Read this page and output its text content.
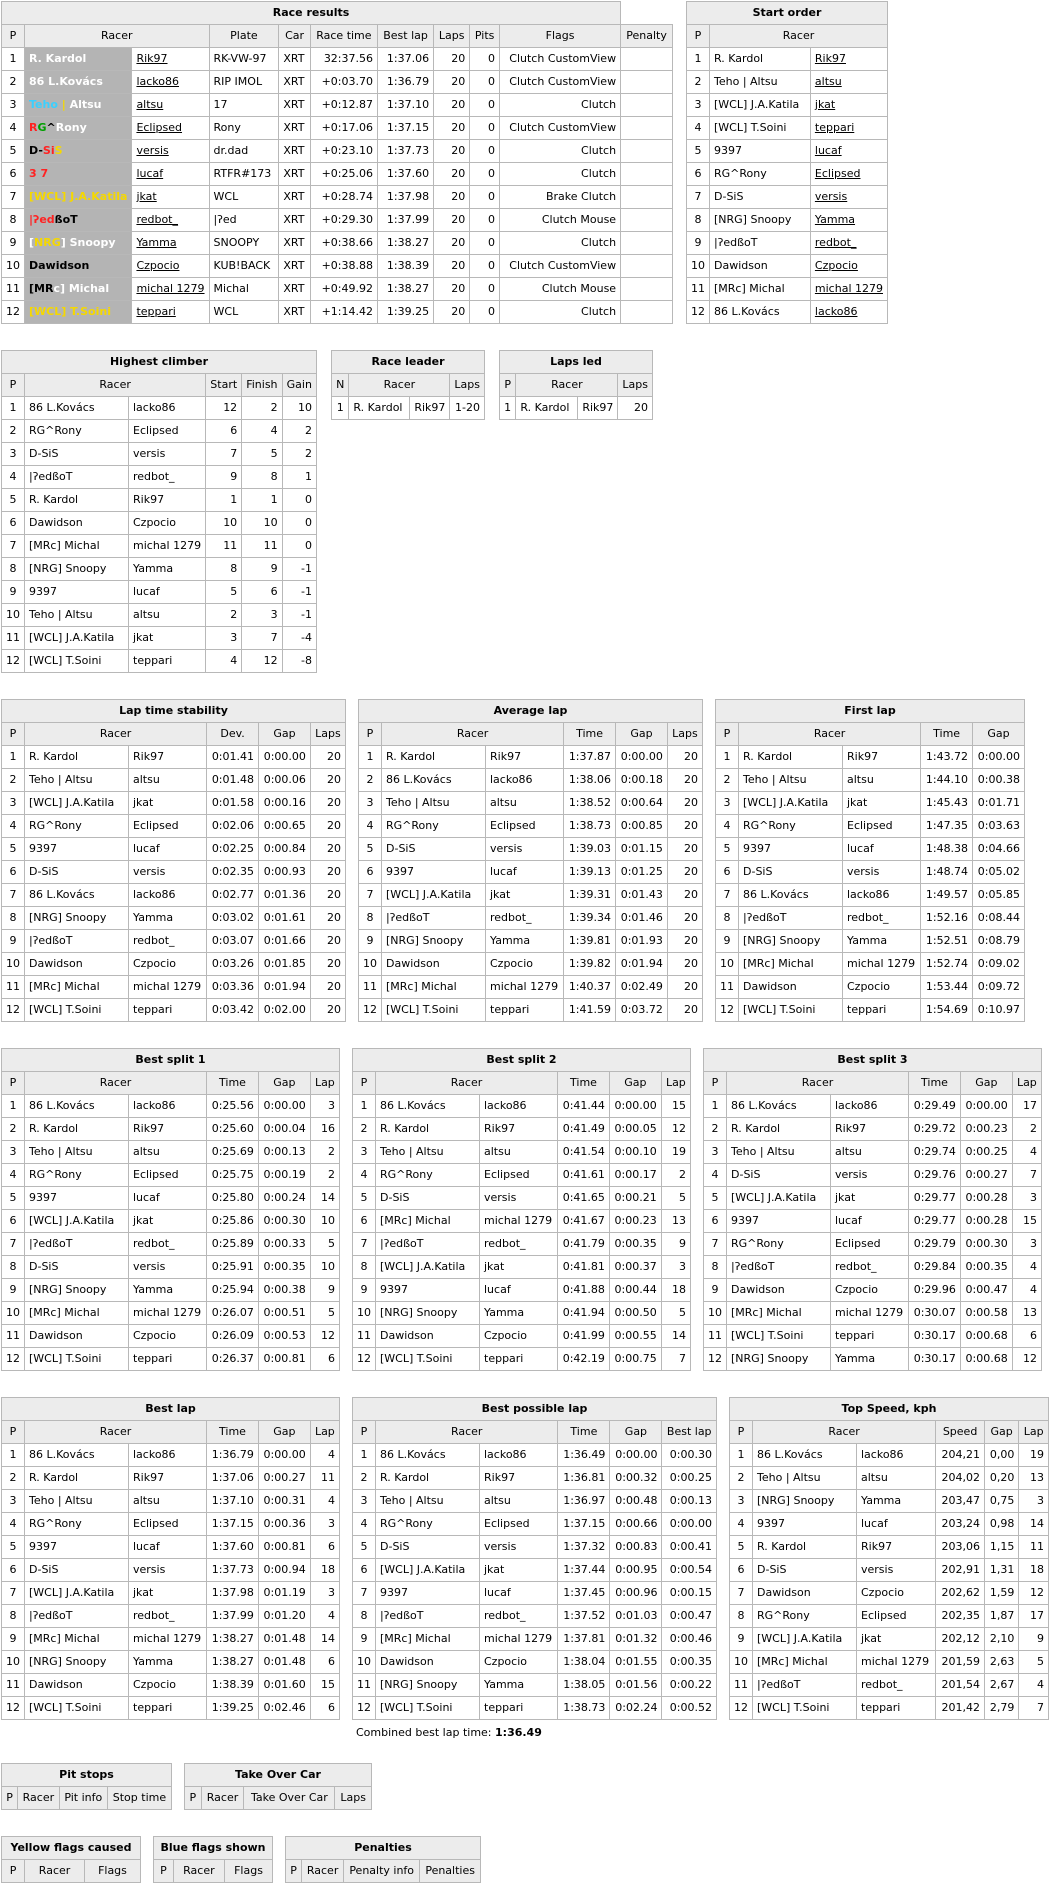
Race results										
P	Racer		Plate	Car	Race time	Best lap	Laps	Pits	Flags	Penalty
1	R. Kardol	Rik97	RK-VW-97	XRT	32:37.56	1:37.06	20	0	Clutch CustomView	
2	86 L.Kovács	lacko86	RIP IMOL	XRT	+0:03.70	1:36.79	20	0	Clutch CustomView	
3	Teho | Altsu	altsu	17	XRT	+0:12.87	1:37.10	20	0	Clutch	
4	RG^Rony	Eclipsed	Rony	XRT	+0:17.06	1:37.15	20	0	Clutch CustomView	
5	D-SiS	versis	dr.dad	XRT	+0:23.10	1:37.73	20	0	Clutch	
6	3 7	lucaf	RTFR#173	XRT	+0:25.06	1:37.60	20	0	Clutch	
7	[WCL] J.A.Katila	jkat	WCL	XRT	+0:28.74	1:37.98	20	0	Brake Clutch	
8	|ʔedßoT	redbot_	|ʔed	XRT	+0:29.30	1:37.99	20	0	Clutch Mouse	
9	[NRG] Snoopy	Yamma	SNOOPY	XRT	+0:38.66	1:38.27	20	0	Clutch	
10	Dawidson	Czpocio	KUB!BACK	XRT	+0:38.88	1:38.39	20	0	Clutch CustomView	
11	[MRc] Michal	michal 1279	Michal	XRT	+0:49.92	1:38.27	20	0	Clutch Mouse	
12	[WCL] T.Soini	teppari	WCL	XRT	+1:14.42	1:39.25	20	0	Clutch	
Start order		
P	Racer	
1	R. Kardol	Rik97
2	Teho | Altsu	altsu
3	[WCL] J.A.Katila	jkat
4	[WCL] T.Soini	teppari
5	9397	lucaf
6	RG^Rony	Eclipsed
7	D-SiS	versis
8	[NRG] Snoopy	Yamma
9	|ʔedßoT	redbot_
10	Dawidson	Czpocio
11	[MRc] Michal	michal 1279
12	86 L.Kovács	lacko86
Highest climber					
P	Racer		Start	Finish	Gain
1	86 L.Kovács	lacko86	12	2	10
2	RG^Rony	Eclipsed	6	4	2
3	D-SiS	versis	7	5	2
4	|ʔedßoT	redbot_	9	8	1
5	R. Kardol	Rik97	1	1	0
6	Dawidson	Czpocio	10	10	0
7	[MRc] Michal	michal 1279	11	11	0
8	[NRG] Snoopy	Yamma	8	9	-1
9	9397	lucaf	5	6	-1
10	Teho | Altsu	altsu	2	3	-1
11	[WCL] J.A.Katila	jkat	3	7	-4
12	[WCL] T.Soini	teppari	4	12	-8
Race leader			
N	Racer		Laps
1	R. Kardol	Rik97	1-20
Laps led			
P	Racer		Laps
1	R. Kardol	Rik97	20
Lap time stability					
P	Racer		Dev.	Gap	Laps
1	R. Kardol	Rik97	0:01.41	0:00.00	20
2	Teho | Altsu	altsu	0:01.48	0:00.06	20
3	[WCL] J.A.Katila	jkat	0:01.58	0:00.16	20
4	RG^Rony	Eclipsed	0:02.06	0:00.65	20
5	9397	lucaf	0:02.25	0:00.84	20
6	D-SiS	versis	0:02.35	0:00.93	20
7	86 L.Kovács	lacko86	0:02.77	0:01.36	20
8	[NRG] Snoopy	Yamma	0:03.02	0:01.61	20
9	|ʔedßoT	redbot_	0:03.07	0:01.66	20
10	Dawidson	Czpocio	0:03.26	0:01.85	20
11	[MRc] Michal	michal 1279	0:03.36	0:01.94	20
12	[WCL] T.Soini	teppari	0:03.42	0:02.00	20
Average lap					
P	Racer		Time	Gap	Laps
1	R. Kardol	Rik97	1:37.87	0:00.00	20
2	86 L.Kovács	lacko86	1:38.06	0:00.18	20
3	Teho | Altsu	altsu	1:38.52	0:00.64	20
4	RG^Rony	Eclipsed	1:38.73	0:00.85	20
5	D-SiS	versis	1:39.03	0:01.15	20
6	9397	lucaf	1:39.13	0:01.25	20
7	[WCL] J.A.Katila	jkat	1:39.31	0:01.43	20
8	|ʔedßoT	redbot_	1:39.34	0:01.46	20
9	[NRG] Snoopy	Yamma	1:39.81	0:01.93	20
10	Dawidson	Czpocio	1:39.82	0:01.94	20
11	[MRc] Michal	michal 1279	1:40.37	0:02.49	20
12	[WCL] T.Soini	teppari	1:41.59	0:03.72	20
First lap				
P	Racer		Time	Gap
1	R. Kardol	Rik97	1:43.72	0:00.00
2	Teho | Altsu	altsu	1:44.10	0:00.38
3	[WCL] J.A.Katila	jkat	1:45.43	0:01.71
4	RG^Rony	Eclipsed	1:47.35	0:03.63
5	9397	lucaf	1:48.38	0:04.66
6	D-SiS	versis	1:48.74	0:05.02
7	86 L.Kovács	lacko86	1:49.57	0:05.85
8	|ʔedßoT	redbot_	1:52.16	0:08.44
9	[NRG] Snoopy	Yamma	1:52.51	0:08.79
10	[MRc] Michal	michal 1279	1:52.74	0:09.02
11	Dawidson	Czpocio	1:53.44	0:09.72
12	[WCL] T.Soini	teppari	1:54.69	0:10.97
Best split 1					
P	Racer		Time	Gap	Lap
1	86 L.Kovács	lacko86	0:25.56	0:00.00	3
2	R. Kardol	Rik97	0:25.60	0:00.04	16
3	Teho | Altsu	altsu	0:25.69	0:00.13	2
4	RG^Rony	Eclipsed	0:25.75	0:00.19	2
5	9397	lucaf	0:25.80	0:00.24	14
6	[WCL] J.A.Katila	jkat	0:25.86	0:00.30	10
7	|ʔedßoT	redbot_	0:25.89	0:00.33	5
8	D-SiS	versis	0:25.91	0:00.35	10
9	[NRG] Snoopy	Yamma	0:25.94	0:00.38	9
10	[MRc] Michal	michal 1279	0:26.07	0:00.51	5
11	Dawidson	Czpocio	0:26.09	0:00.53	12
12	[WCL] T.Soini	teppari	0:26.37	0:00.81	6
Best split 2					
P	Racer		Time	Gap	Lap
1	86 L.Kovács	lacko86	0:41.44	0:00.00	15
2	R. Kardol	Rik97	0:41.49	0:00.05	12
3	Teho | Altsu	altsu	0:41.54	0:00.10	19
4	RG^Rony	Eclipsed	0:41.61	0:00.17	2
5	D-SiS	versis	0:41.65	0:00.21	5
6	[MRc] Michal	michal 1279	0:41.67	0:00.23	13
7	|ʔedßoT	redbot_	0:41.79	0:00.35	9
8	[WCL] J.A.Katila	jkat	0:41.81	0:00.37	3
9	9397	lucaf	0:41.88	0:00.44	18
10	[NRG] Snoopy	Yamma	0:41.94	0:00.50	5
11	Dawidson	Czpocio	0:41.99	0:00.55	14
12	[WCL] T.Soini	teppari	0:42.19	0:00.75	7
Best split 3					
P	Racer		Time	Gap	Lap
1	86 L.Kovács	lacko86	0:29.49	0:00.00	17
2	R. Kardol	Rik97	0:29.72	0:00.23	2
3	Teho | Altsu	altsu	0:29.74	0:00.25	4
4	D-SiS	versis	0:29.76	0:00.27	7
5	[WCL] J.A.Katila	jkat	0:29.77	0:00.28	3
6	9397	lucaf	0:29.77	0:00.28	15
7	RG^Rony	Eclipsed	0:29.79	0:00.30	3
8	|ʔedßoT	redbot_	0:29.84	0:00.35	4
9	Dawidson	Czpocio	0:29.96	0:00.47	4
10	[MRc] Michal	michal 1279	0:30.07	0:00.58	13
11	[WCL] T.Soini	teppari	0:30.17	0:00.68	6
12	[NRG] Snoopy	Yamma	0:30.17	0:00.68	12
Best lap					
P	Racer		Time	Gap	Lap
1	86 L.Kovács	lacko86	1:36.79	0:00.00	4
2	R. Kardol	Rik97	1:37.06	0:00.27	11
3	Teho | Altsu	altsu	1:37.10	0:00.31	4
4	RG^Rony	Eclipsed	1:37.15	0:00.36	3
5	9397	lucaf	1:37.60	0:00.81	6
6	D-SiS	versis	1:37.73	0:00.94	18
7	[WCL] J.A.Katila	jkat	1:37.98	0:01.19	3
8	|ʔedßoT	redbot_	1:37.99	0:01.20	4
9	[MRc] Michal	michal 1279	1:38.27	0:01.48	14
10	[NRG] Snoopy	Yamma	1:38.27	0:01.48	6
11	Dawidson	Czpocio	1:38.39	0:01.60	15
12	[WCL] T.Soini	teppari	1:39.25	0:02.46	6
Best possible lap					
P	Racer		Time	Gap	Best lap
1	86 L.Kovács	lacko86	1:36.49	0:00.00	0:00.30
2	R. Kardol	Rik97	1:36.81	0:00.32	0:00.25
3	Teho | Altsu	altsu	1:36.97	0:00.48	0:00.13
4	RG^Rony	Eclipsed	1:37.15	0:00.66	0:00.00
5	D-SiS	versis	1:37.32	0:00.83	0:00.41
6	[WCL] J.A.Katila	jkat	1:37.44	0:00.95	0:00.54
7	9397	lucaf	1:37.45	0:00.96	0:00.15
8	|ʔedßoT	redbot_	1:37.52	0:01.03	0:00.47
9	[MRc] Michal	michal 1279	1:37.81	0:01.32	0:00.46
10	Dawidson	Czpocio	1:38.04	0:01.55	0:00.35
11	[NRG] Snoopy	Yamma	1:38.05	0:01.56	0:00.22
12	[WCL] T.Soini	teppari	1:38.73	0:02.24	0:00.52
Top Speed, kph					
P	Racer		Speed	Gap	Lap
1	86 L.Kovács	lacko86	204,21	0,00	19
2	Teho | Altsu	altsu	204,02	0,20	13
3	[NRG] Snoopy	Yamma	203,47	0,75	3
4	9397	lucaf	203,24	0,98	14
5	R. Kardol	Rik97	203,06	1,15	11
6	D-SiS	versis	202,91	1,31	18
7	Dawidson	Czpocio	202,62	1,59	12
8	RG^Rony	Eclipsed	202,35	1,87	17
9	[WCL] J.A.Katila	jkat	202,12	2,10	9
10	[MRc] Michal	michal 1279	201,59	2,63	5
11	|ʔedßoT	redbot_	201,54	2,67	4
12	[WCL] T.Soini	teppari	201,42	2,79	7
Combined best lap time: 1:36.49
Pit stops
P	Racer	Pit info	Stop time
Take Over Car
P	Racer	Take Over Car	Laps
Yellow flags caused
P	Racer	Flags
Blue flags shown
P	Racer	Flags
Penalties
P	Racer	Penalty info	Penalties
